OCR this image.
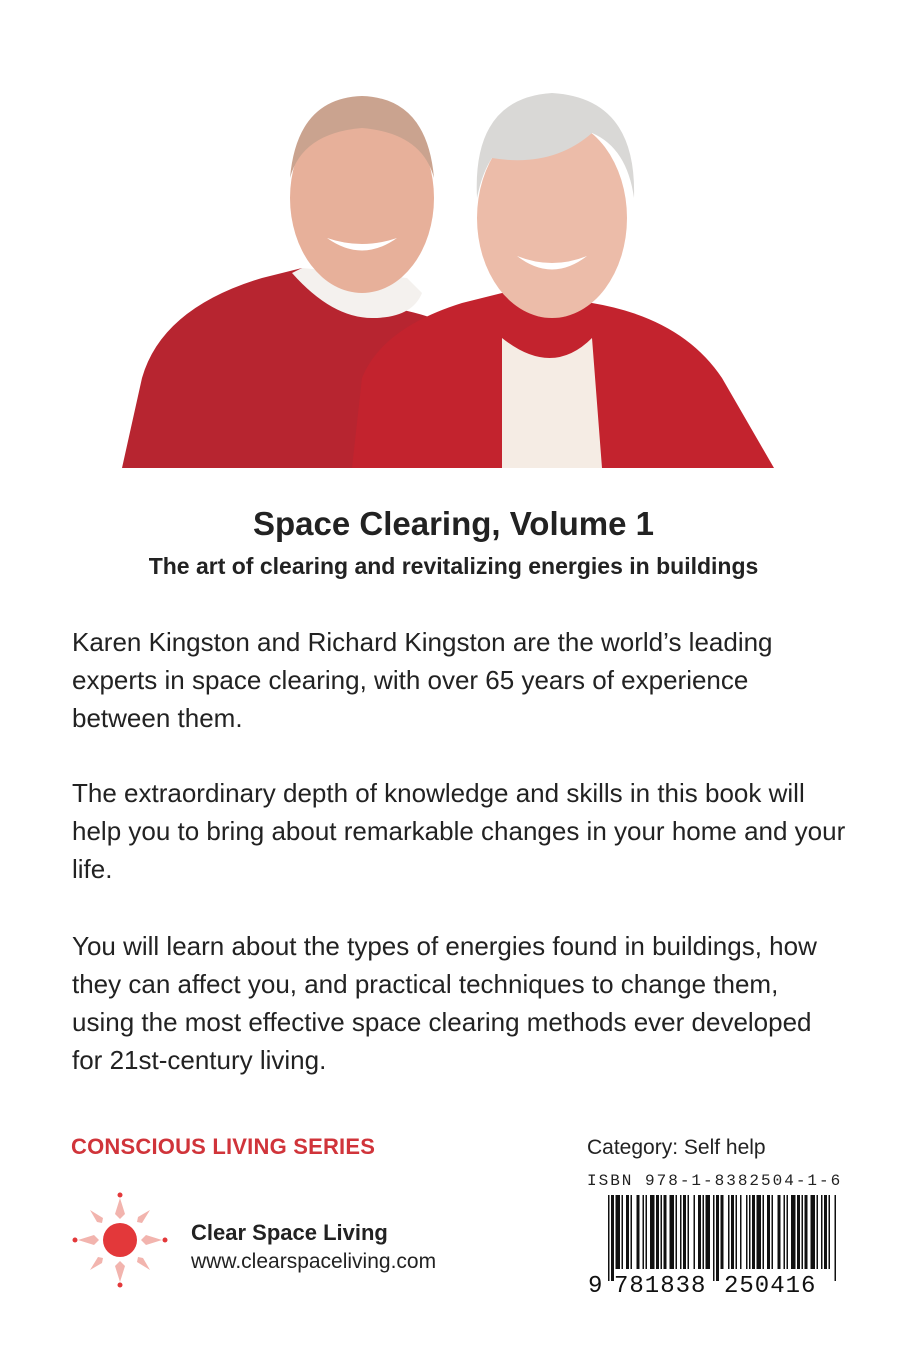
Space Clearing, Volume 1
The art of clearing and revitalizing energies in buildings

Karen Kingston and Richard Kingston are the world’s leading experts in space clearing, with over 65 years of experience between them.

The extraordinary depth of knowledge and skills in this book will help you to bring about remarkable changes in your home and your life.

You will learn about the types of energies found in buildings, how they can affect you, and practical techniques to change them, using the most effective space clearing methods ever developed for 21st-century living.

CONSCIOUS LIVING SERIES
Clear Space Living
www.clearspaceliving.com
Category: Self help
ISBN 978-1-8382504-1-6
9 781838 250416
